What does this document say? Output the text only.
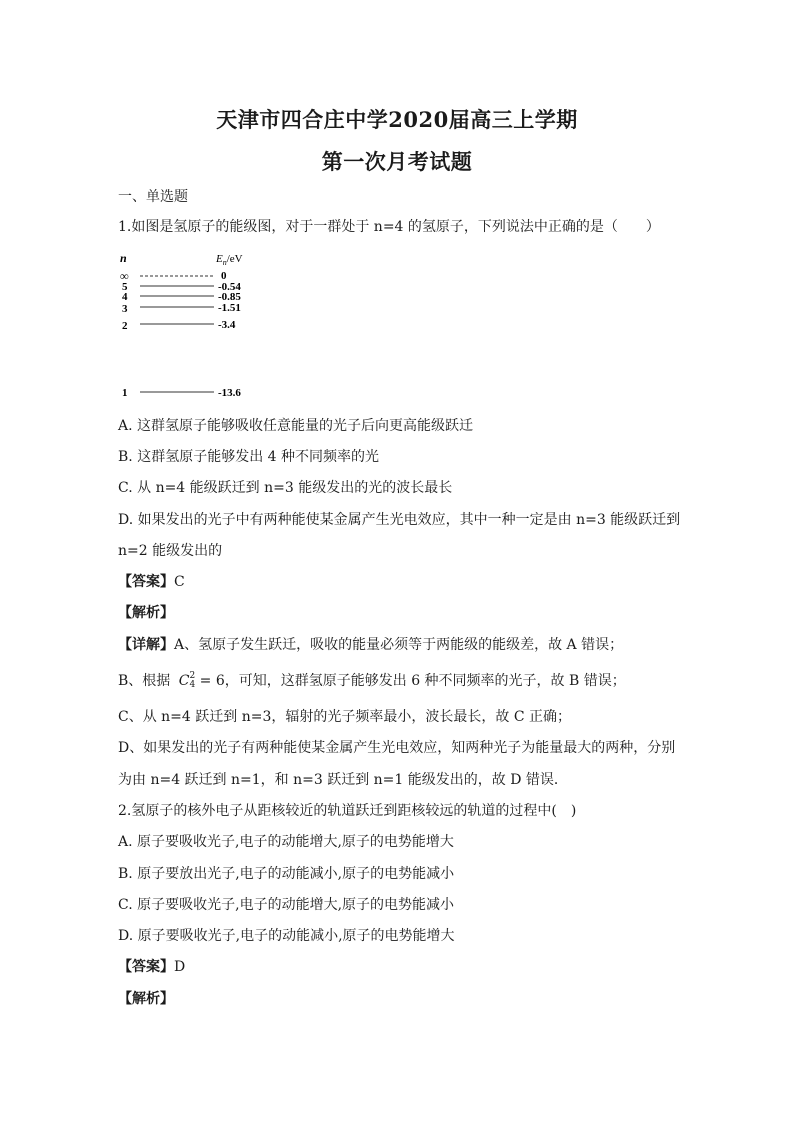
天津市四合庄中学2020届高三上学期
第一次月考试题
一、单选题
1.如图是氢原子的能级图，对于一群处于 n=4 的氢原子，下列说法中正确的是（　　）
n	$E_n/eV$
∞	0
5	-0.54
4	-0.85
3	-1.51
2	-3.4
1	-13.6
A. 这群氢原子能够吸收任意能量的光子后向更高能级跃迁
B. 这群氢原子能够发出 4 种不同频率的光
C. 从 n=4 能级跃迁到 n=3 能级发出的光的波长最长
D. 如果发出的光子中有两种能使某金属产生光电效应，其中一种一定是由 n=3 能级跃迁到
n=2 能级发出的
【答案】C
【解析】
【详解】A、氢原子发生跃迁，吸收的能量必须等于两能级的能级差，故 A 错误；
B、根据 C 2
4 = 6，可知，这群氢原子能够发出 6 种不同频率的光子，故 B 错误；
C、从 n=4 跃迁到 n=3，辐射的光子频率最小，波长最长，故 C 正确；
D、如果发出的光子有两种能使某金属产生光电效应，知两种光子为能量最大的两种，分别
为由 n=4 跃迁到 n=1，和 n=3 跃迁到 n=1 能级发出的，故 D 错误．
2.氢原子的核外电子从距核较近的轨道跃迁到距核较远的轨道的过程中(　)
A. 原子要吸收光子,电子的动能增大,原子的电势能增大
B. 原子要放出光子,电子的动能减小,原子的电势能减小
C. 原子要吸收光子,电子的动能增大,原子的电势能减小
D. 原子要吸收光子,电子的动能减小,原子的电势能增大
【答案】D
【解析】
